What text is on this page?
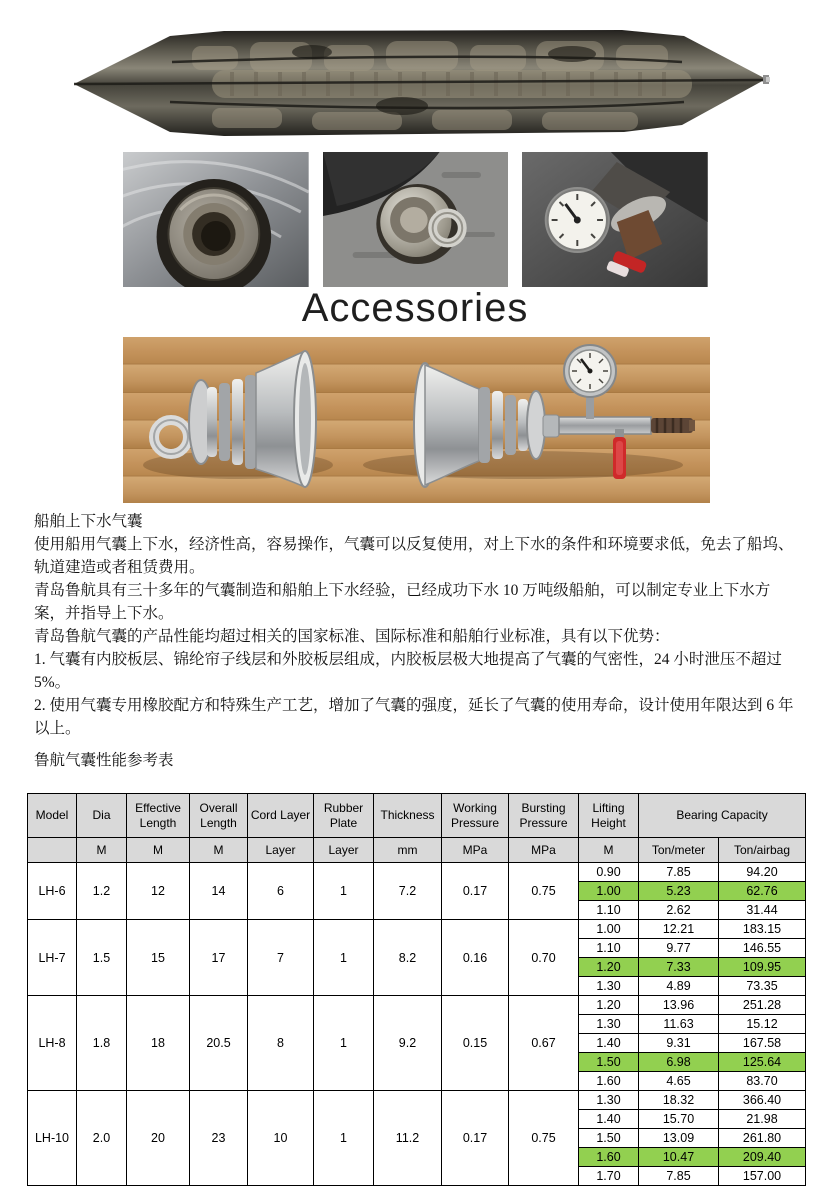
Accessories

船舶上下水气囊

使用船用气囊上下水，经济性高，容易操作，气囊可以反复使用，对上下水的条件和环境要求低，免去了船坞、轨道建造或者租赁费用。

青岛鲁航具有三十多年的气囊制造和船舶上下水经验，已经成功下水 10 万吨级船舶，可以制定专业上下水方案，并指导上下水。

青岛鲁航气囊的产品性能均超过相关的国家标准、国际标准和船舶行业标准，具有以下优势：

1. 气囊有内胶板层、锦纶帘子线层和外胶板层组成，内胶板层极大地提高了气囊的气密性，24 小时泄压不超过 5%。

2. 使用气囊专用橡胶配方和特殊生产工艺，增加了气囊的强度，延长了气囊的使用寿命，设计使用年限达到 6 年以上。

鲁航气囊性能参考表
Model	Dia	Effective Length	Overall Length	Cord Layer	Rubber Plate	Thickness	Working Pressure	Bursting Pressure	Lifting Height	Bearing Capacity	
	M	M	M	Layer	Layer	mm	MPa	MPa	M	Ton/meter	Ton/airbag
LH-6	1.2	12	14	6	1	7.2	0.17	0.75	0.90	7.85	94.20
									1.00	5.23	62.76
									1.10	2.62	31.44
LH-7	1.5	15	17	7	1	8.2	0.16	0.70	1.00	12.21	183.15
									1.10	9.77	146.55
									1.20	7.33	109.95
									1.30	4.89	73.35
LH-8	1.8	18	20.5	8	1	9.2	0.15	0.67	1.20	13.96	251.28
									1.30	11.63	15.12
									1.40	9.31	167.58
									1.50	6.98	125.64
									1.60	4.65	83.70
LH-10	2.0	20	23	10	1	11.2	0.17	0.75	1.30	18.32	366.40
									1.40	15.70	21.98
									1.50	13.09	261.80
									1.60	10.47	209.40
									1.70	7.85	157.00
